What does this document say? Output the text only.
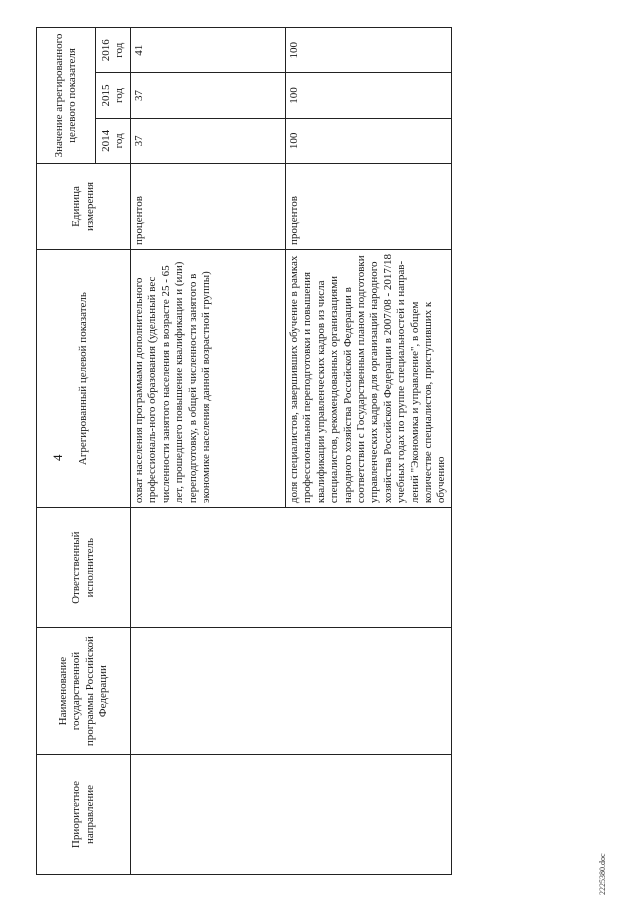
4
Приоритетное направление	Наименование государственной программы Российской Федерации	Ответственный исполнитель	Агрегированный целевой показатель	Единица измерения	Значение агрегированного целевого показателя		
					2014 год	2015 год	2016 год
			охват населения программами дополнительного профессиональ-ного образования (удельный вес численности занятого населения в возрасте 25 - 65 лет, прошедшего повышение квалификации и (или) переподготовку, в общей численности занятого в экономике населения данной возрастной группы)	процентов	37	37	41
			доля специалистов, завершивших обучение в рамках профессиональной переподготовки и повышения квалификации управленческих кадров из числа специалистов, рекомендованных организациями народного хозяйства Российской Федерации в соответствии с Государственным планом подготовки управленческих кадров для организаций народного хозяйства Российской Федерации в 2007/08 - 2017/18 учебных годах по группе специальностей и направ-лений "Экономика и управление", в общем количестве специалистов, приступивших к обучению	процентов	100	100	100
2225380.doc
